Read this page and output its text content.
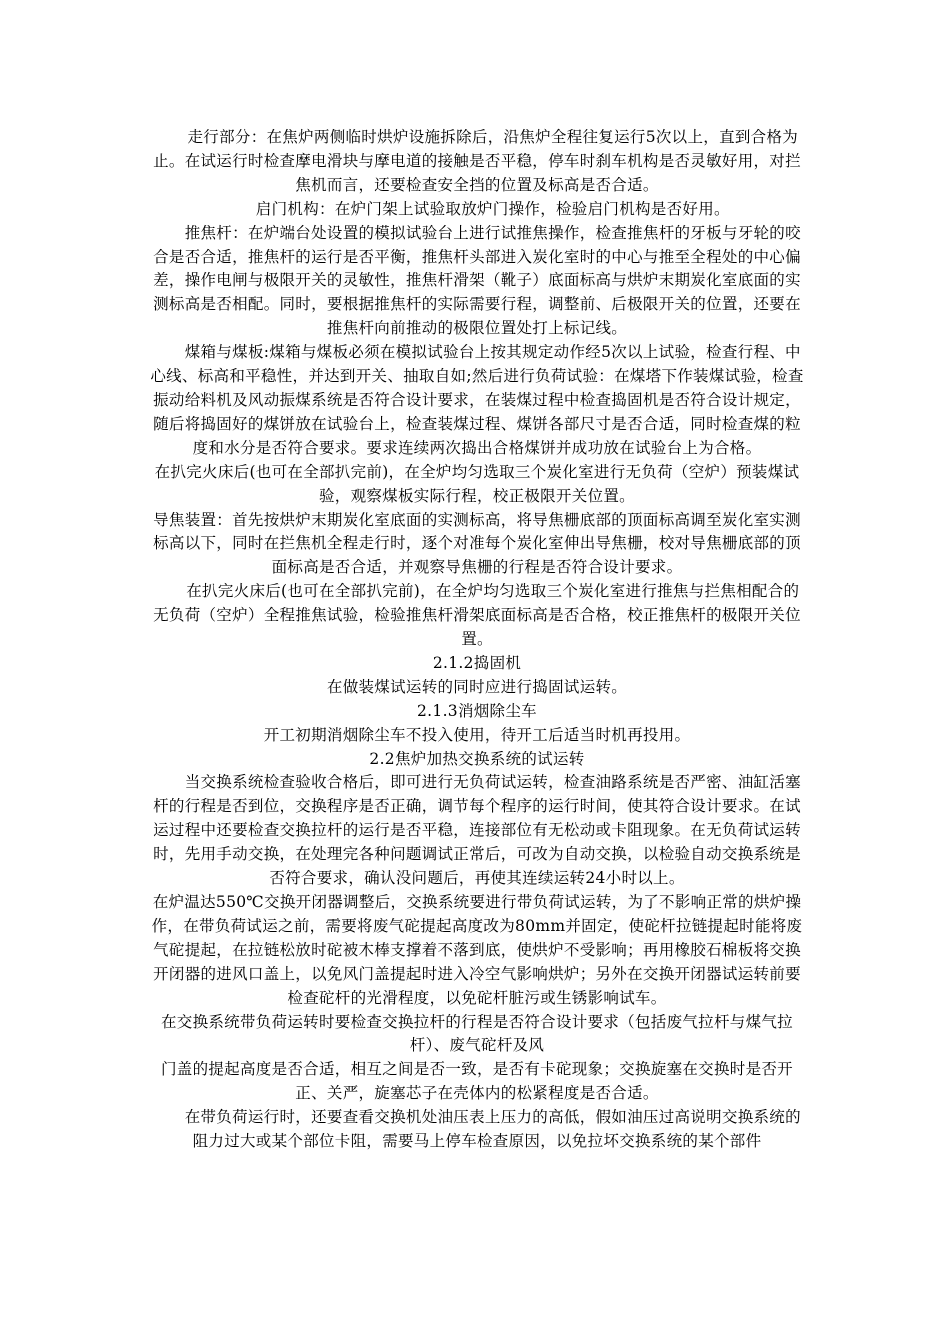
　　走行部分：在焦炉两侧临时烘炉设施拆除后，沿焦炉全程往复运行5次以上，直到合格为止。在试运行时检查摩电滑块与摩电道的接触是否平稳，停车时刹车机构是否灵敏好用，对拦焦机而言，还要检查安全挡的位置及标高是否合适。

　　启门机构：在炉门架上试验取放炉门操作，检验启门机构是否好用。

　　推焦杆：在炉端台处设置的模拟试验台上进行试推焦操作，检查推焦杆的牙板与牙轮的咬合是否合适，推焦杆的运行是否平衡，推焦杆头部进入炭化室时的中心与推至全程处的中心偏差，操作电闸与极限开关的灵敏性，推焦杆滑架（靴子）底面标高与烘炉末期炭化室底面的实测标高是否相配。同时，要根据推焦杆的实际需要行程，调整前、后极限开关的位置，还要在推焦杆向前推动的极限位置处打上标记线。

　　煤箱与煤板:煤箱与煤板必须在模拟试验台上按其规定动作经5次以上试验，检查行程、中心线、标高和平稳性，并达到开关、抽取自如;然后进行负荷试验：在煤塔下作装煤试验，检查振动给料机及风动振煤系统是否符合设计要求，在装煤过程中检查捣固机是否符合设计规定，随后将捣固好的煤饼放在试验台上，检查装煤过程、煤饼各部尺寸是否合适，同时检查煤的粒度和水分是否符合要求。要求连续两次捣出合格煤饼并成功放在试验台上为合格。

在扒完火床后(也可在全部扒完前)，在全炉均匀选取三个炭化室进行无负荷（空炉）预装煤试验，观察煤板实际行程，校正极限开关位置。

导焦装置：首先按烘炉末期炭化室底面的实测标高，将导焦栅底部的顶面标高调至炭化室实测标高以下，同时在拦焦机全程走行时，逐个对准每个炭化室伸出导焦栅，校对导焦栅底部的顶面标高是否合适，并观察导焦栅的行程是否符合设计要求。

　　在扒完火床后(也可在全部扒完前)，在全炉均匀选取三个炭化室进行推焦与拦焦相配合的无负荷（空炉）全程推焦试验，检验推焦杆滑架底面标高是否合格，校正推焦杆的极限开关位置。

2.1.2捣固机

在做装煤试运转的同时应进行捣固试运转。

2.1.3消烟除尘车

开工初期消烟除尘车不投入使用，待开工后适当时机再投用。

2.2焦炉加热交换系统的试运转

　　当交换系统检查验收合格后，即可进行无负荷试运转，检查油路系统是否严密、油缸活塞杆的行程是否到位，交换程序是否正确，调节每个程序的运行时间，使其符合设计要求。在试运过程中还要检查交换拉杆的运行是否平稳，连接部位有无松动或卡阻现象。在无负荷试运转时，先用手动交换，在处理完各种问题调试正常后，可改为自动交换，以检验自动交换系统是否符合要求，确认没问题后，再使其连续运转24小时以上。

在炉温达550℃交换开闭器调整后，交换系统要进行带负荷试运转，为了不影响正常的烘炉操作，在带负荷试运之前，需要将废气砣提起高度改为80mm并固定，使砣杆拉链提起时能将废气砣提起，在拉链松放时砣被木棒支撑着不落到底，使烘炉不受影响；再用橡胶石棉板将交换开闭器的进风口盖上，以免风门盖提起时进入冷空气影响烘炉；另外在交换开闭器试运转前要检查砣杆的光滑程度，以免砣杆脏污或生锈影响试车。

在交换系统带负荷运转时要检查交换拉杆的行程是否符合设计要求（包括废气拉杆与煤气拉杆）、废气砣杆及风

门盖的提起高度是否合适，相互之间是否一致，是否有卡砣现象；交换旋塞在交换时是否开正、关严，旋塞芯子在壳体内的松紧程度是否合适。

　　在带负荷运行时，还要查看交换机处油压表上压力的高低，假如油压过高说明交换系统的阻力过大或某个部位卡阻，需要马上停车检查原因，以免拉坏交换系统的某个部件
